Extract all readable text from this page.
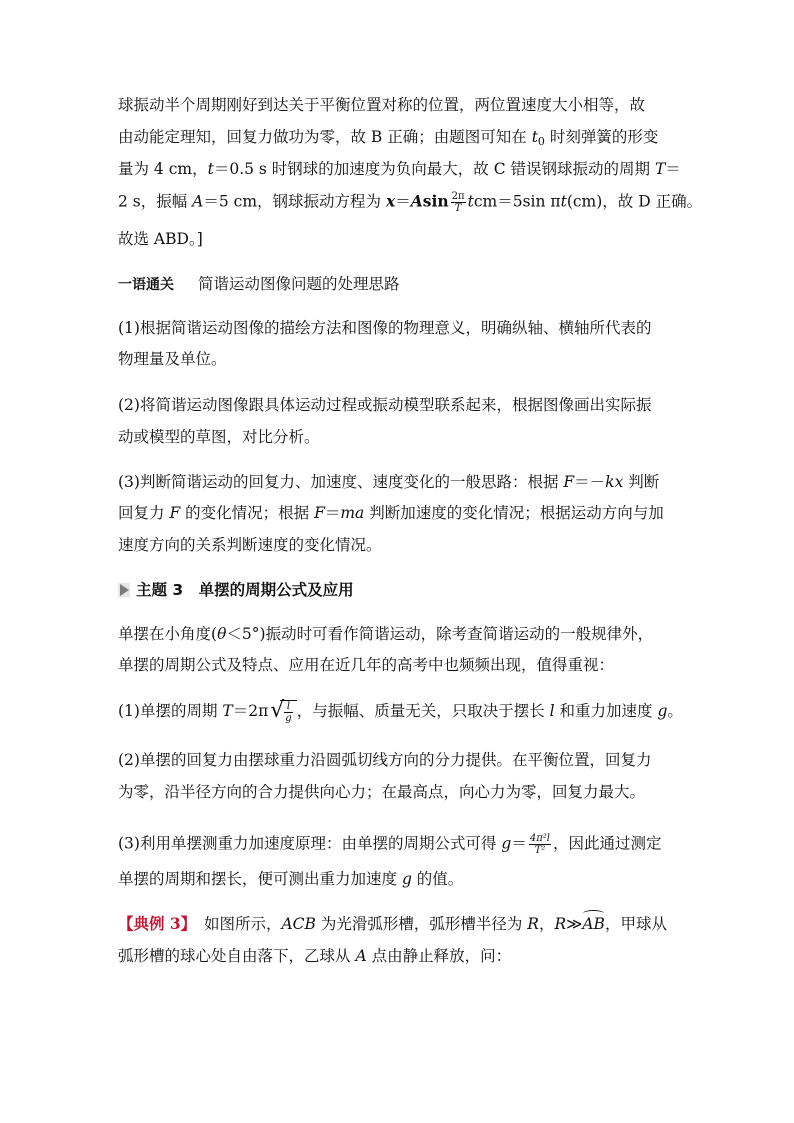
球振动半个周期刚好到达关于平衡位置对称的位置，两位置速度大小相等，故
由动能定理知，回复力做功为零，故 B 正确；由题图可知在 $t_0$ 时刻弹簧的形变
量为 4 cm，t＝0.5 s 时钢球的加速度为负向最大，故 C 错误钢球振动的周期 T＝
2 s，振幅 A＝5 cm，钢球振动方程为 $x=Asin \frac{2\pi}{T} tcm=5\sin$ πt(cm)，故 D 正确。
故选 ABD。]
一语通关 简谐运动图像问题的处理思路
(1)根据简谐运动图像的描绘方法和图像的物理意义，明确纵轴、横轴所代表的
物理量及单位。
(2)将简谐运动图像跟具体运动过程或振动模型联系起来，根据图像画出实际振
动或模型的草图，对比分析。
(3)判断简谐运动的回复力、加速度、速度变化的一般思路：根据 F＝－kx 判断
回复力 F 的变化情况；根据 F＝ma 判断加速度的变化情况；根据运动方向与加
速度方向的关系判断速度的变化情况。
主题 3　单摆的周期公式及应用
单摆在小角度(θ＜5°)振动时可看作简谐运动，除考查简谐运动的一般规律外，
单摆的周期公式及特点、应用在近几年的高考中也频频出现，值得重视：
(1)单摆的周期 T＝2π √ $\frac{l}{g}$ ，与振幅、质量无关，只取决于摆长 l 和重力加速度 g。
(2)单摆的回复力由摆球重力沿圆弧切线方向的分力提供。在平衡位置，回复力
为零，沿半径方向的合力提供向心力；在最高点，向心力为零，回复力最大。
(3)利用单摆测重力加速度原理：由单摆的周期公式可得 $g= \frac{\text{4π²l}}{\text{T²}}$ ，因此通过测定
单摆的周期和摆长，便可测出重力加速度 g 的值。
【典例 3】　如图所示，ACB 为光滑弧形槽，弧形槽半径为 R，R≫AB，甲球从
弧形槽的球心处自由落下，乙球从 A 点由静止释放，问：
